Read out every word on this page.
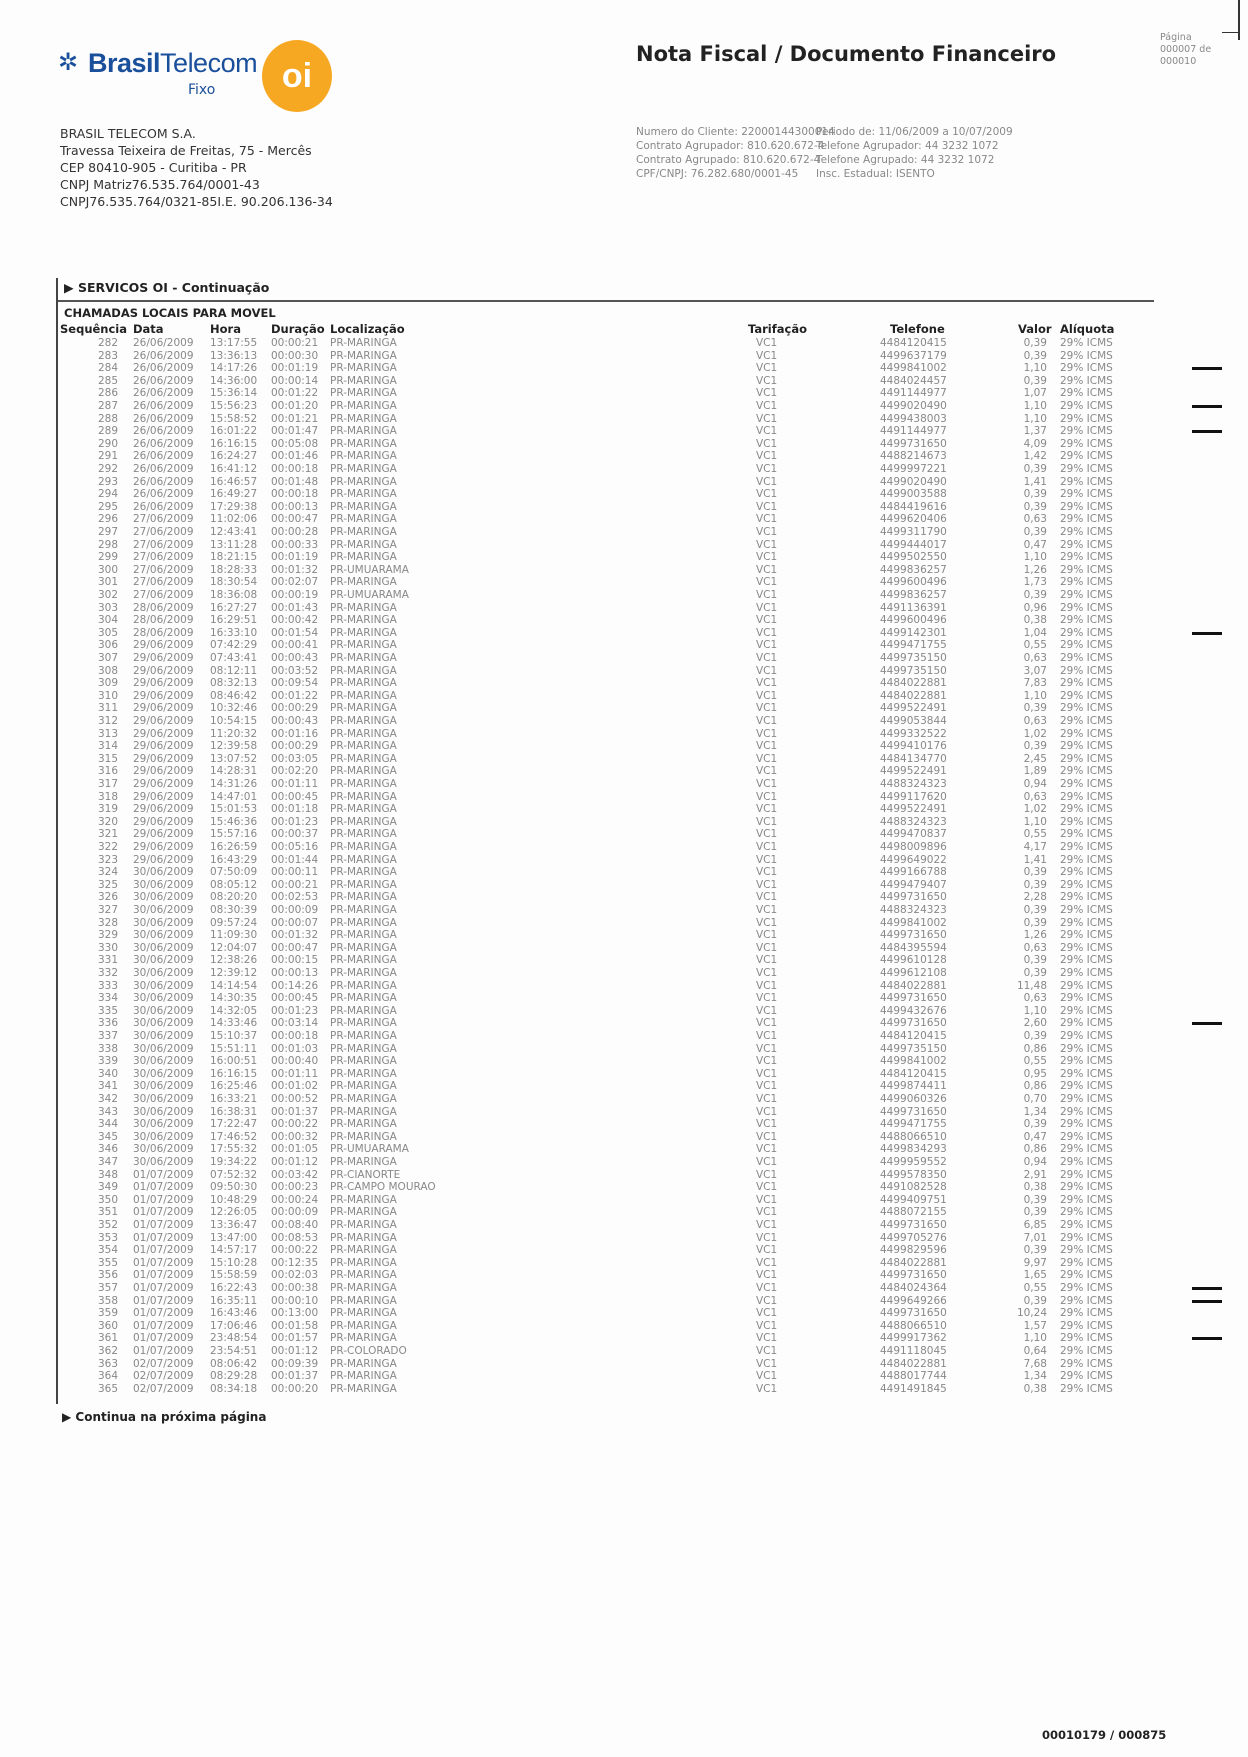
✲ BrasilTelecom
Fixo	oi
Nota Fiscal / Documento Financeiro
Página
000007 de
000010
BRASIL TELECOM S.A.
Travessa Teixeira de Freitas, 75 - Mercês
CEP 80410-905 - Curitiba - PR
CNPJ Matriz76.535.764/0001-43
CNPJ76.535.764/0321-85I.E. 90.206.136-34
Numero do Cliente: 22000144300014
Contrato Agrupador: 810.620.672-4
Contrato Agrupado: 810.620.672-4
CPF/CNPJ: 76.282.680/0001-45
Periodo de: 11/06/2009 a 10/07/2009
Telefone Agrupador: 44 3232 1072
Telefone Agrupado: 44 3232 1072
Insc. Estadual: ISENTO
▶ SERVICOS OI - Continuação
CHAMADAS LOCAIS PARA MOVEL
Sequência Data	Hora	Duração Localização	Tarifação	Telefone	Valor Alíquota
282 26/06/2009 13:17:55 00:00:21 PR-MARINGA	VC1	4484120415	0,39 29% ICMS
283 26/06/2009 13:36:13 00:00:30 PR-MARINGA	VC1	4499637179	0,39 29% ICMS
284 26/06/2009 14:17:26 00:01:19 PR-MARINGA	VC1	4499841002	1,10 29% ICMS
285 26/06/2009 14:36:00 00:00:14 PR-MARINGA	VC1	4484024457	0,39 29% ICMS
286 26/06/2009 15:36:14 00:01:22 PR-MARINGA	VC1	4491144977	1,07 29% ICMS
287 26/06/2009 15:56:23 00:01:20 PR-MARINGA	VC1	4499020490	1,10 29% ICMS
288 26/06/2009 15:58:52 00:01:21 PR-MARINGA	VC1	4499438003	1,10 29% ICMS
289 26/06/2009 16:01:22 00:01:47 PR-MARINGA	VC1	4491144977	1,37 29% ICMS
290 26/06/2009 16:16:15 00:05:08 PR-MARINGA	VC1	4499731650	4,09 29% ICMS
291 26/06/2009 16:24:27 00:01:46 PR-MARINGA	VC1	4488214673	1,42 29% ICMS
292 26/06/2009 16:41:12 00:00:18 PR-MARINGA	VC1	4499997221	0,39 29% ICMS
293 26/06/2009 16:46:57 00:01:48 PR-MARINGA	VC1	4499020490	1,41 29% ICMS
294 26/06/2009 16:49:27 00:00:18 PR-MARINGA	VC1	4499003588	0,39 29% ICMS
295 26/06/2009 17:29:38 00:00:13 PR-MARINGA	VC1	4484419616	0,39 29% ICMS
296 27/06/2009 11:02:06 00:00:47 PR-MARINGA	VC1	4499620406	0,63 29% ICMS
297 27/06/2009 12:43:41 00:00:28 PR-MARINGA	VC1	4499311790	0,39 29% ICMS
298 27/06/2009 13:11:28 00:00:33 PR-MARINGA	VC1	4499444017	0,47 29% ICMS
299 27/06/2009 18:21:15 00:01:19 PR-MARINGA	VC1	4499502550	1,10 29% ICMS
300 27/06/2009 18:28:33 00:01:32 PR-UMUARAMA	VC1	4499836257	1,26 29% ICMS
301 27/06/2009 18:30:54 00:02:07 PR-MARINGA	VC1	4499600496	1,73 29% ICMS
302 27/06/2009 18:36:08 00:00:19 PR-UMUARAMA	VC1	4499836257	0,39 29% ICMS
303 28/06/2009 16:27:27 00:01:43 PR-MARINGA	VC1	4491136391	0,96 29% ICMS
304 28/06/2009 16:29:51 00:00:42 PR-MARINGA	VC1	4499600496	0,38 29% ICMS
305 28/06/2009 16:33:10 00:01:54 PR-MARINGA	VC1	4499142301	1,04 29% ICMS
306 29/06/2009 07:42:29 00:00:41 PR-MARINGA	VC1	4499471755	0,55 29% ICMS
307 29/06/2009 07:43:41 00:00:43 PR-MARINGA	VC1	4499735150	0,63 29% ICMS
308 29/06/2009 08:12:11 00:03:52 PR-MARINGA	VC1	4499735150	3,07 29% ICMS
309 29/06/2009 08:32:13 00:09:54 PR-MARINGA	VC1	4484022881	7,83 29% ICMS
310 29/06/2009 08:46:42 00:01:22 PR-MARINGA	VC1	4484022881	1,10 29% ICMS
311 29/06/2009 10:32:46 00:00:29 PR-MARINGA	VC1	4499522491	0,39 29% ICMS
312 29/06/2009 10:54:15 00:00:43 PR-MARINGA	VC1	4499053844	0,63 29% ICMS
313 29/06/2009 11:20:32 00:01:16 PR-MARINGA	VC1	4499332522	1,02 29% ICMS
314 29/06/2009 12:39:58 00:00:29 PR-MARINGA	VC1	4499410176	0,39 29% ICMS
315 29/06/2009 13:07:52 00:03:05 PR-MARINGA	VC1	4484134770	2,45 29% ICMS
316 29/06/2009 14:28:31 00:02:20 PR-MARINGA	VC1	4499522491	1,89 29% ICMS
317 29/06/2009 14:31:26 00:01:11 PR-MARINGA	VC1	4488324323	0,94 29% ICMS
318 29/06/2009 14:47:01 00:00:45 PR-MARINGA	VC1	4499117620	0,63 29% ICMS
319 29/06/2009 15:01:53 00:01:18 PR-MARINGA	VC1	4499522491	1,02 29% ICMS
320 29/06/2009 15:46:36 00:01:23 PR-MARINGA	VC1	4488324323	1,10 29% ICMS
321 29/06/2009 15:57:16 00:00:37 PR-MARINGA	VC1	4499470837	0,55 29% ICMS
322 29/06/2009 16:26:59 00:05:16 PR-MARINGA	VC1	4498009896	4,17 29% ICMS
323 29/06/2009 16:43:29 00:01:44 PR-MARINGA	VC1	4499649022	1,41 29% ICMS
324 30/06/2009 07:50:09 00:00:11 PR-MARINGA	VC1	4499166788	0,39 29% ICMS
325 30/06/2009 08:05:12 00:00:21 PR-MARINGA	VC1	4499479407	0,39 29% ICMS
326 30/06/2009 08:20:20 00:02:53 PR-MARINGA	VC1	4499731650	2,28 29% ICMS
327 30/06/2009 08:30:39 00:00:09 PR-MARINGA	VC1	4488324323	0,39 29% ICMS
328 30/06/2009 09:57:24 00:00:07 PR-MARINGA	VC1	4499841002	0,39 29% ICMS
329 30/06/2009 11:09:30 00:01:32 PR-MARINGA	VC1	4499731650	1,26 29% ICMS
330 30/06/2009 12:04:07 00:00:47 PR-MARINGA	VC1	4484395594	0,63 29% ICMS
331 30/06/2009 12:38:26 00:00:15 PR-MARINGA	VC1	4499610128	0,39 29% ICMS
332 30/06/2009 12:39:12 00:00:13 PR-MARINGA	VC1	4499612108	0,39 29% ICMS
333 30/06/2009 14:14:54 00:14:26 PR-MARINGA	VC1	4484022881	11,48 29% ICMS
334 30/06/2009 14:30:35 00:00:45 PR-MARINGA	VC1	4499731650	0,63 29% ICMS
335 30/06/2009 14:32:05 00:01:23 PR-MARINGA	VC1	4499432676	1,10 29% ICMS
336 30/06/2009 14:33:46 00:03:14 PR-MARINGA	VC1	4499731650	2,60 29% ICMS
337 30/06/2009 15:10:37 00:00:18 PR-MARINGA	VC1	4484120415	0,39 29% ICMS
338 30/06/2009 15:51:11 00:01:03 PR-MARINGA	VC1	4499735150	0,86 29% ICMS
339 30/06/2009 16:00:51 00:00:40 PR-MARINGA	VC1	4499841002	0,55 29% ICMS
340 30/06/2009 16:16:15 00:01:11 PR-MARINGA	VC1	4484120415	0,95 29% ICMS
341 30/06/2009 16:25:46 00:01:02 PR-MARINGA	VC1	4499874411	0,86 29% ICMS
342 30/06/2009 16:33:21 00:00:52 PR-MARINGA	VC1	4499060326	0,70 29% ICMS
343 30/06/2009 16:38:31 00:01:37 PR-MARINGA	VC1	4499731650	1,34 29% ICMS
344 30/06/2009 17:22:47 00:00:22 PR-MARINGA	VC1	4499471755	0,39 29% ICMS
345 30/06/2009 17:46:52 00:00:32 PR-MARINGA	VC1	4488066510	0,47 29% ICMS
346 30/06/2009 17:55:32 00:01:05 PR-UMUARAMA	VC1	4499834293	0,86 29% ICMS
347 30/06/2009 19:34:22 00:01:12 PR-MARINGA	VC1	4499959552	0,94 29% ICMS
348 01/07/2009 07:52:32 00:03:42 PR-CIANORTE	VC1	4499578350	2,91 29% ICMS
349 01/07/2009 09:50:30 00:00:23 PR-CAMPO MOURAO	VC1	4491082528	0,38 29% ICMS
350 01/07/2009 10:48:29 00:00:24 PR-MARINGA	VC1	4499409751	0,39 29% ICMS
351 01/07/2009 12:26:05 00:00:09 PR-MARINGA	VC1	4488072155	0,39 29% ICMS
352 01/07/2009 13:36:47 00:08:40 PR-MARINGA	VC1	4499731650	6,85 29% ICMS
353 01/07/2009 13:47:00 00:08:53 PR-MARINGA	VC1	4499705276	7,01 29% ICMS
354 01/07/2009 14:57:17 00:00:22 PR-MARINGA	VC1	4499829596	0,39 29% ICMS
355 01/07/2009 15:10:28 00:12:35 PR-MARINGA	VC1	4484022881	9,97 29% ICMS
356 01/07/2009 15:58:59 00:02:03 PR-MARINGA	VC1	4499731650	1,65 29% ICMS
357 01/07/2009 16:22:43 00:00:38 PR-MARINGA	VC1	4484024364	0,55 29% ICMS
358 01/07/2009 16:35:11 00:00:10 PR-MARINGA	VC1	4499649266	0,39 29% ICMS
359 01/07/2009 16:43:46 00:13:00 PR-MARINGA	VC1	4499731650	10,24 29% ICMS
360 01/07/2009 17:06:46 00:01:58 PR-MARINGA	VC1	4488066510	1,57 29% ICMS
361 01/07/2009 23:48:54 00:01:57 PR-MARINGA	VC1	4499917362	1,10 29% ICMS
362 01/07/2009 23:54:51 00:01:12 PR-COLORADO	VC1	4491118045	0,64 29% ICMS
363 02/07/2009 08:06:42 00:09:39 PR-MARINGA	VC1	4484022881	7,68 29% ICMS
364 02/07/2009 08:29:28 00:01:37 PR-MARINGA	VC1	4488017744	1,34 29% ICMS
365 02/07/2009 08:34:18 00:00:20 PR-MARINGA	VC1	4491491845	0,38 29% ICMS
▶ Continua na próxima página
00010179 / 000875
